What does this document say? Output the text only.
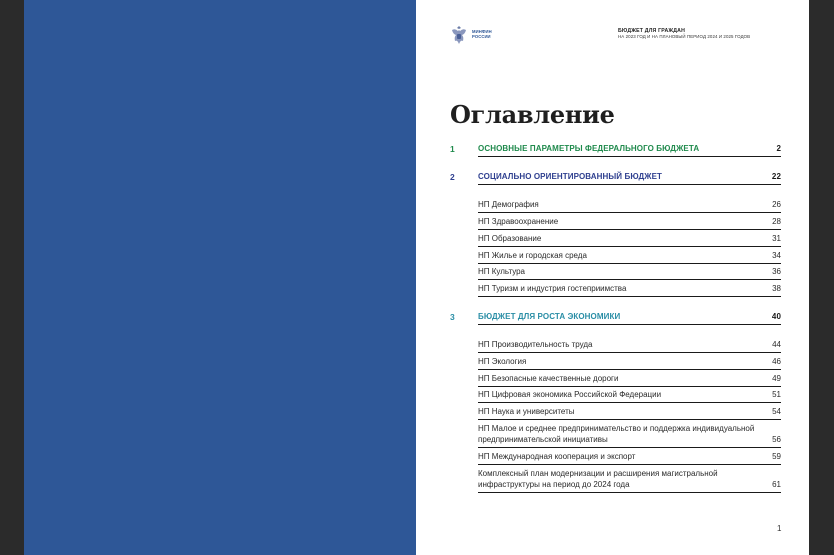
МИНФИН
РОССИИ
БЮДЖЕТ ДЛЯ ГРАЖДАН
НА 2023 ГОД И НА ПЛАНОВЫЙ ПЕРИОД 2024 И 2025 ГОДОВ
Оглавление
1	ОСНОВНЫЕ ПАРАМЕТРЫ ФЕДЕРАЛЬНОГО БЮДЖЕТА	2
2	СОЦИАЛЬНО ОРИЕНТИРОВАННЫЙ БЮДЖЕТ	22
НП Демография	26
НП Здравоохранение	28
НП Образование	31
НП Жилье и городская среда	34
НП Культура	36
НП Туризм и индустрия гостеприимства	38
3	БЮДЖЕТ ДЛЯ РОСТА ЭКОНОМИКИ	40
НП Производительность труда	44
НП Экология	46
НП Безопасные качественные дороги	49
НП Цифровая экономика Российской Федерации	51
НП Наука и университеты	54
НП Малое и среднее предпринимательство и поддержка индивидуальной предпринимательской инициативы	56
НП Международная кооперация и экспорт	59
Комплексный план модернизации и расширения магистральной инфраструктуры на период до 2024 года	61
1
